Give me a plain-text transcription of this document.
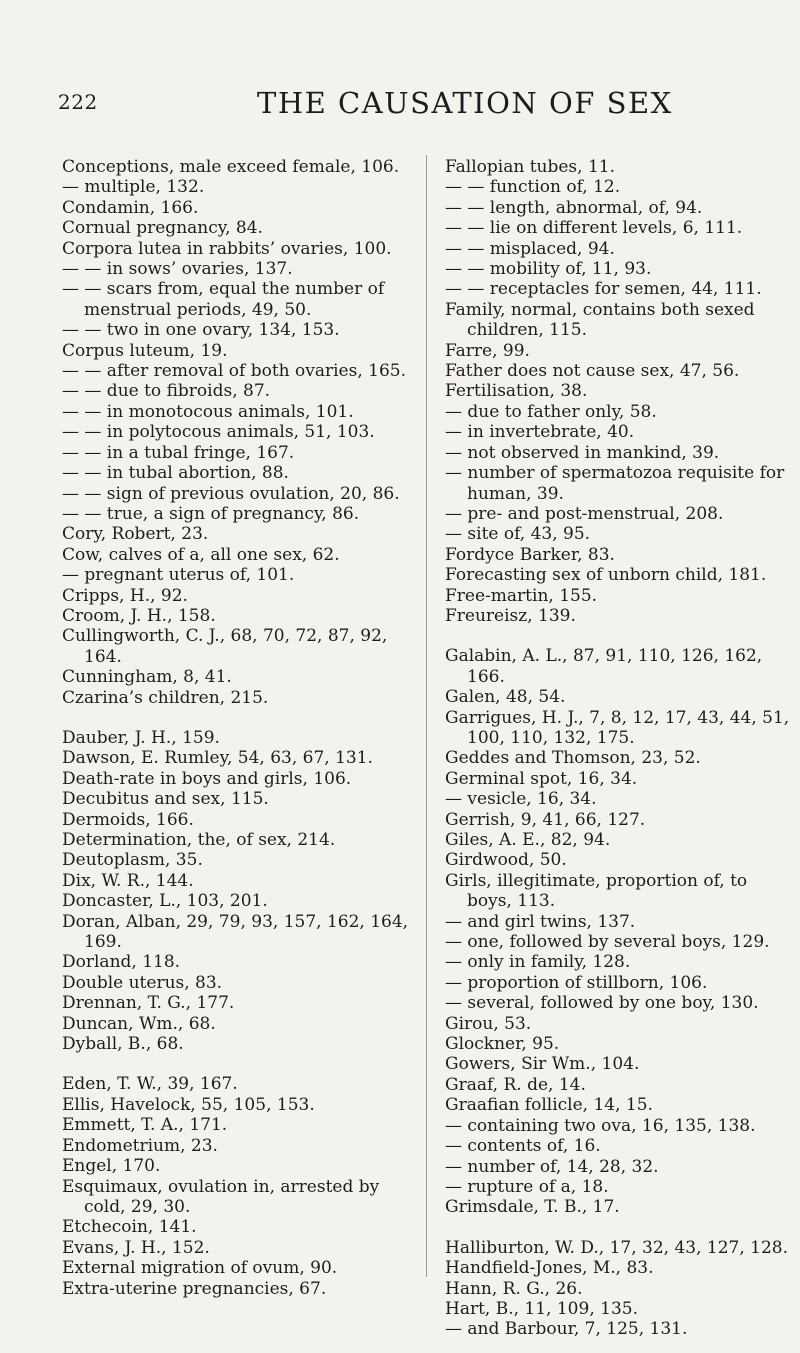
222	THE CAUSATION OF SEX
Conceptions, male exceed female, 106.
— multiple, 132.
Condamin, 166.
Cornual pregnancy, 84.
Corpora lutea in rabbits’ ovaries, 100.
— — in sows’ ovaries, 137.
— — scars from, equal the number of menstrual periods, 49, 50.
— — two in one ovary, 134, 153.
Corpus luteum, 19.
— — after removal of both ovaries, 165.
— — due to fibroids, 87.
— — in monotocous animals, 101.
— — in polytocous animals, 51, 103.
— — in a tubal fringe, 167.
— — in tubal abortion, 88.
— — sign of previous ovulation, 20, 86.
— — true, a sign of pregnancy, 86.
Cory, Robert, 23.
Cow, calves of a, all one sex, 62.
— pregnant uterus of, 101.
Cripps, H., 92.
Croom, J. H., 158.
Cullingworth, C. J., 68, 70, 72, 87, 92, 164.
Cunningham, 8, 41.
Czarina’s children, 215.
Dauber, J. H., 159.
Dawson, E. Rumley, 54, 63, 67, 131.
Death-rate in boys and girls, 106.
Decubitus and sex, 115.
Dermoids, 166.
Determination, the, of sex, 214.
Deutoplasm, 35.
Dix, W. R., 144.
Doncaster, L., 103, 201.
Doran, Alban, 29, 79, 93, 157, 162, 164, 169.
Dorland, 118.
Double uterus, 83.
Drennan, T. G., 177.
Duncan, Wm., 68.
Dyball, B., 68.
Eden, T. W., 39, 167.
Ellis, Havelock, 55, 105, 153.
Emmett, T. A., 171.
Endometrium, 23.
Engel, 170.
Esquimaux, ovulation in, arrested by cold, 29, 30.
Etchecoin, 141.
Evans, J. H., 152.
External migration of ovum, 90.
Extra-uterine pregnancies, 67.
Fallopian tubes, 11.
— — function of, 12.
— — length, abnormal, of, 94.
— — lie on different levels, 6, 111.
— — misplaced, 94.
— — mobility of, 11, 93.
— — receptacles for semen, 44, 111.
Family, normal, contains both sexed children, 115.
Farre, 99.
Father does not cause sex, 47, 56.
Fertilisation, 38.
— due to father only, 58.
— in invertebrate, 40.
— not observed in mankind, 39.
— number of spermatozoa requisite for human, 39.
— pre- and post-menstrual, 208.
— site of, 43, 95.
Fordyce Barker, 83.
Forecasting sex of unborn child, 181.
Free-martin, 155.
Freureisz, 139.
Galabin, A. L., 87, 91, 110, 126, 162, 166.
Galen, 48, 54.
Garrigues, H. J., 7, 8, 12, 17, 43, 44, 51, 100, 110, 132, 175.
Geddes and Thomson, 23, 52.
Germinal spot, 16, 34.
— vesicle, 16, 34.
Gerrish, 9, 41, 66, 127.
Giles, A. E., 82, 94.
Girdwood, 50.
Girls, illegitimate, proportion of, to boys, 113.
— and girl twins, 137.
— one, followed by several boys, 129.
— only in family, 128.
— proportion of stillborn, 106.
— several, followed by one boy, 130.
Girou, 53.
Glockner, 95.
Gowers, Sir Wm., 104.
Graaf, R. de, 14.
Graafian follicle, 14, 15.
— containing two ova, 16, 135, 138.
— contents of, 16.
— number of, 14, 28, 32.
— rupture of a, 18.
Grimsdale, T. B., 17.
Halliburton, W. D., 17, 32, 43, 127, 128.
Handfield-Jones, M., 83.
Hann, R. G., 26.
Hart, B., 11, 109, 135.
— and Barbour, 7, 125, 131.
